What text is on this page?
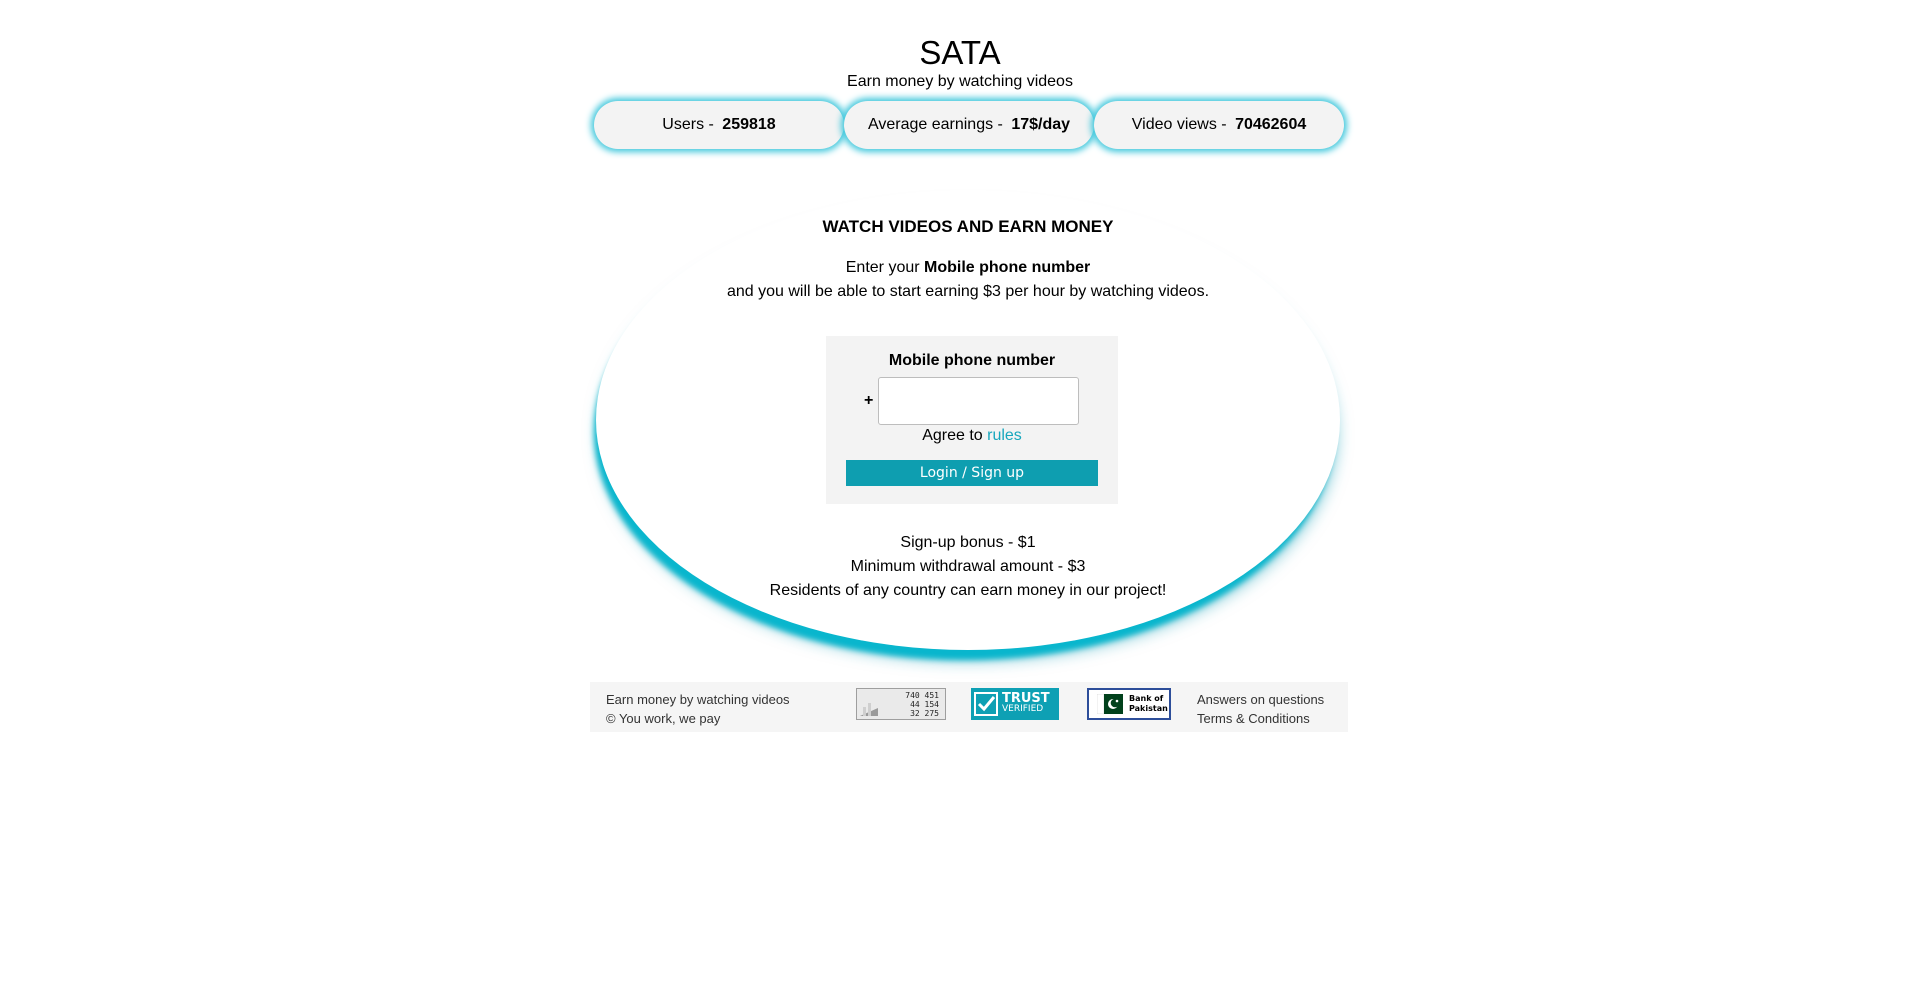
SATA
Earn money by watching videos
Users - 259818	Average earnings - 17$/day	Video views - 70462604
WATCH VIDEOS AND EARN MONEY
Enter your Mobile phone number
and you will be able to start earning $3 per hour by watching videos.
Mobile phone number
+
Agree to rules
Login / Sign up
Sign-up bonus - $1
Minimum withdrawal amount - $3
Residents of any country can earn money in our project!
Earn money by watching videos
© You work, we pay
740 451
44 154
32 275
TRUST
VERIFIED
Bank of
Pakistan
Answers on questions
Terms & Conditions
